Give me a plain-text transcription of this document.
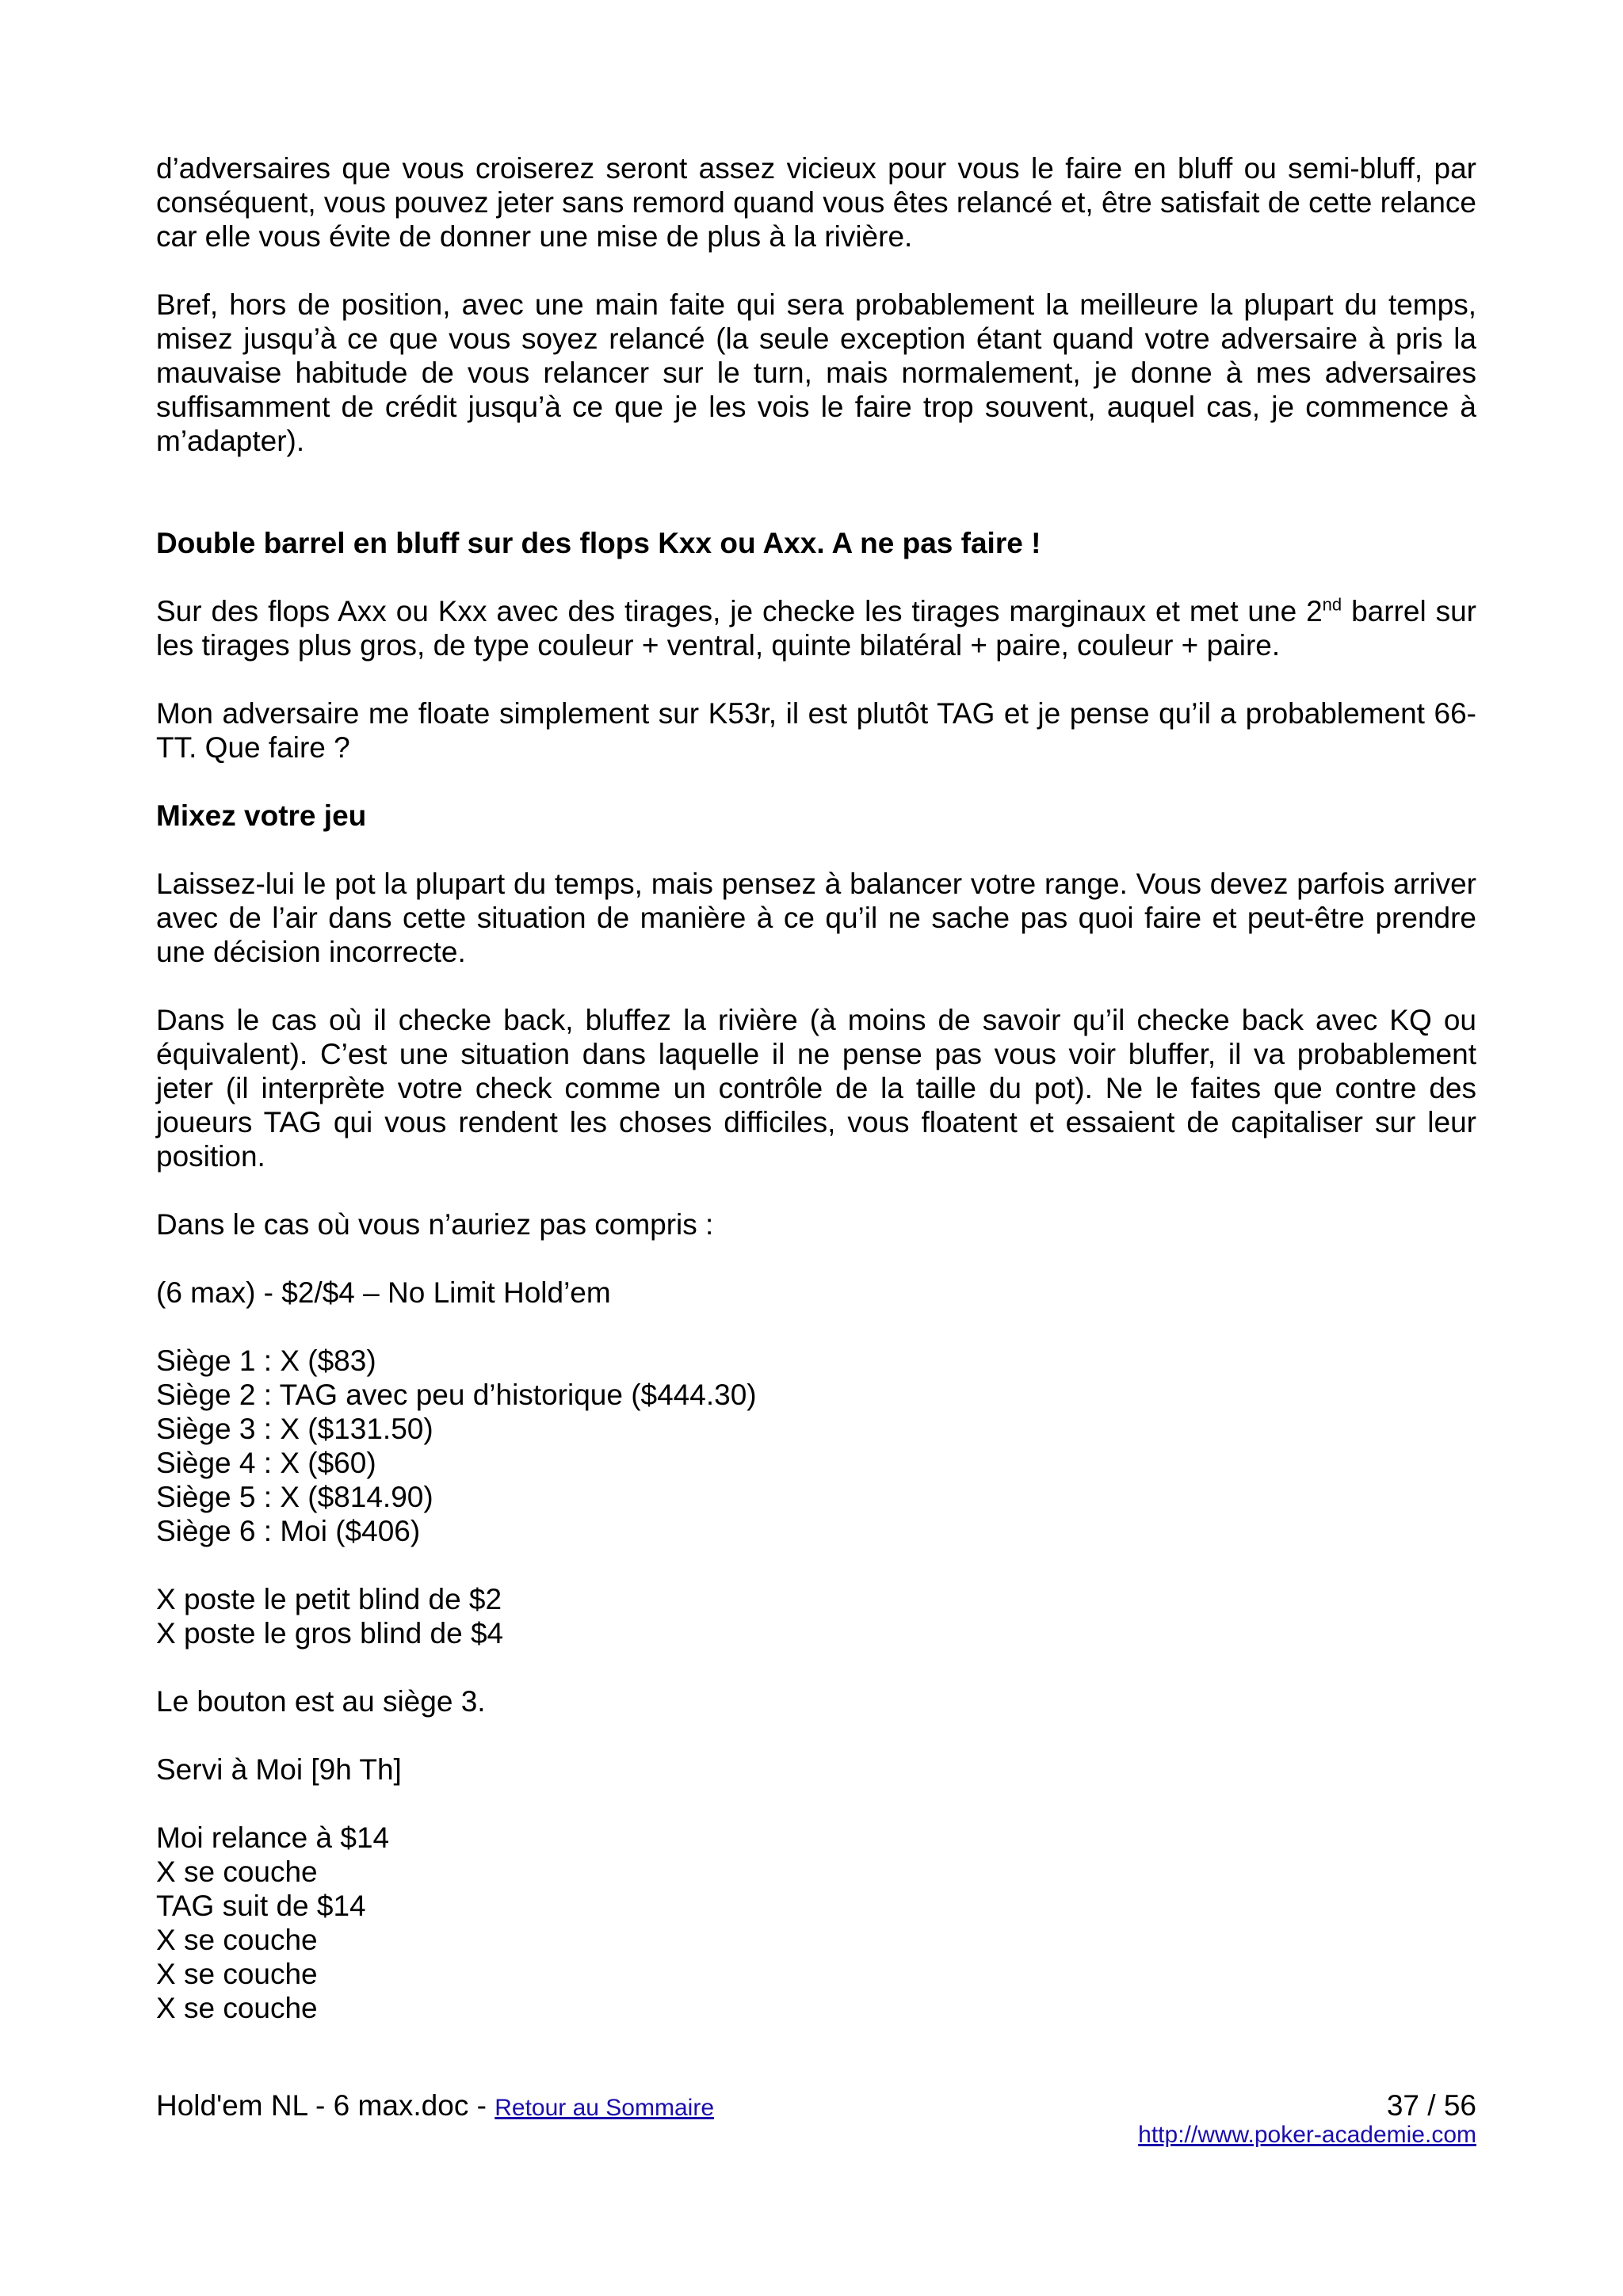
d’adversaires que vous croiserez seront assez vicieux pour vous le faire en bluff ou semi-bluff, par conséquent, vous pouvez jeter sans remord quand vous êtes relancé et, être satisfait de cette relance car elle vous évite de donner une mise de plus à la rivière.

Bref, hors de position, avec une main faite qui sera probablement la meilleure la plupart du temps, misez jusqu’à ce que vous soyez relancé (la seule exception étant quand votre adversaire à pris la mauvaise habitude de vous relancer sur le turn, mais normalement, je donne à mes adversaires suffisamment de crédit jusqu’à ce que je les vois le faire trop souvent, auquel cas, je commence à m’adapter).

Double barrel en bluff sur des flops Kxx ou Axx. A ne pas faire !

Sur des flops Axx ou Kxx avec des tirages, je checke les tirages marginaux et met une 2nd barrel sur les tirages plus gros, de type couleur + ventral, quinte bilatéral + paire, couleur + paire.

Mon adversaire me floate simplement sur K53r, il est plutôt TAG et je pense qu’il a probablement 66-TT. Que faire ?

Mixez votre jeu

Laissez-lui le pot la plupart du temps, mais pensez à balancer votre range. Vous devez parfois arriver avec de l’air dans cette situation de manière à ce qu’il ne sache pas quoi faire et peut-être prendre une décision incorrecte.

Dans le cas où il checke back, bluffez la rivière (à moins de savoir qu’il checke back avec KQ ou équivalent). C’est une situation dans laquelle il ne pense pas vous voir bluffer, il va probablement jeter (il interprète votre check comme un contrôle de la taille du pot). Ne le faites que contre des joueurs TAG qui vous rendent les choses difficiles, vous floatent et essaient de capitaliser sur leur position.

Dans le cas où vous n’auriez pas compris :

(6 max) - $2/$4 – No Limit Hold’em

Siège 1 : X ($83)
Siège 2 : TAG avec peu d’historique ($444.30)
Siège 3 : X ($131.50)
Siège 4 : X ($60)
Siège 5 : X ($814.90)
Siège 6 : Moi ($406)

X poste le petit blind de $2
X poste le gros blind de $4

Le bouton est au siège 3.

Servi à Moi [9h Th]

Moi relance à $14
X se couche
TAG suit de $14
X se couche
X se couche
X se couche

Hold'em NL - 6 max.doc - Retour au Sommaire	37 / 56
http://www.poker-academie.com
